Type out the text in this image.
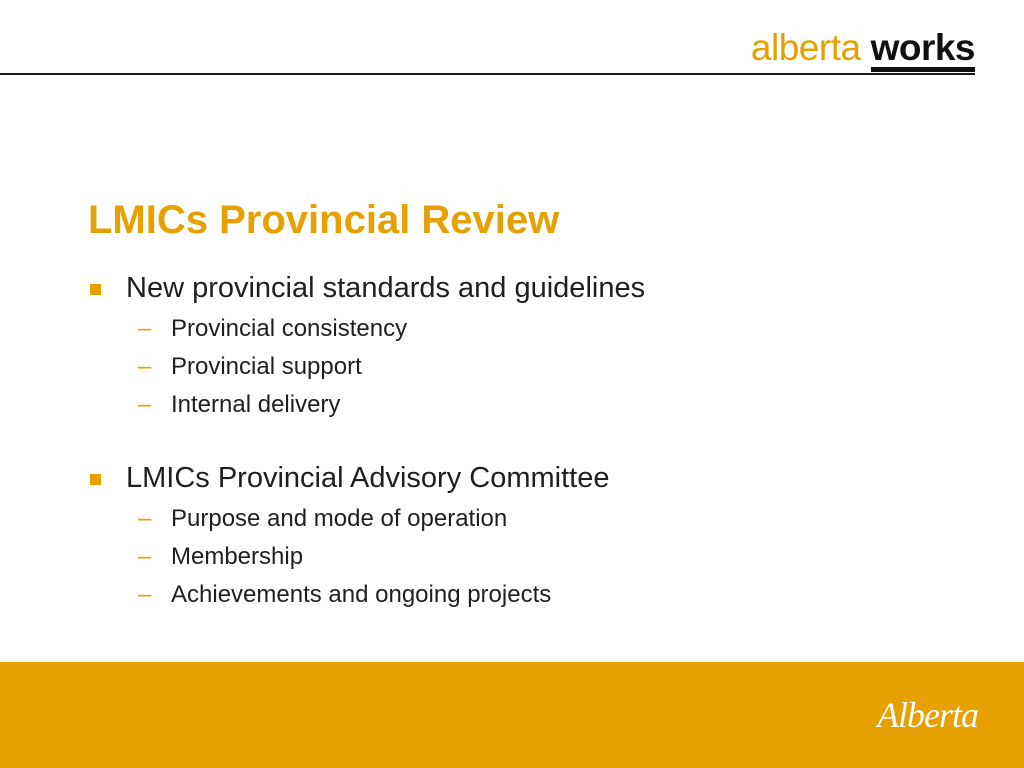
alberta works
LMICs Provincial Review
New provincial standards and guidelines
– Provincial consistency
– Provincial support
– Internal delivery
LMICs Provincial Advisory Committee
– Purpose and mode of operation
– Membership
– Achievements and ongoing projects
Alberta
